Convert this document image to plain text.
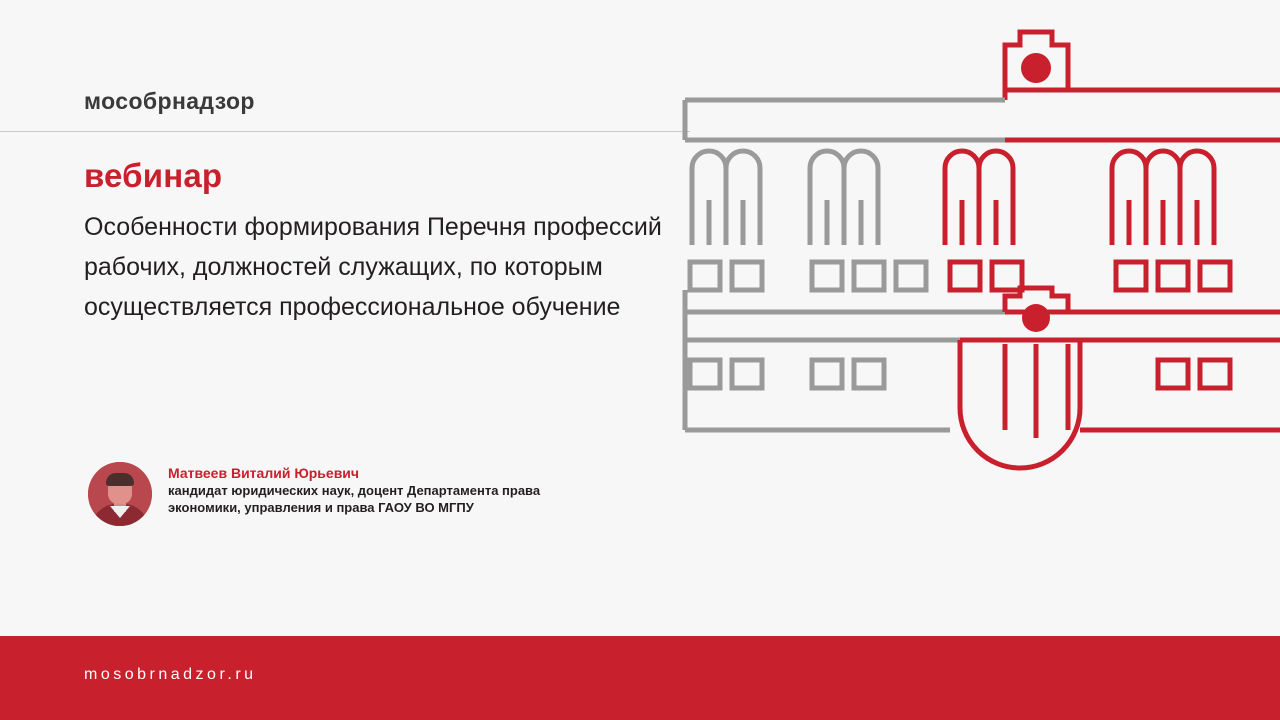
мособрнадзор
вебинар
Особенности формирования Перечня профессий рабочих, должностей служащих, по которым осуществляется профессиональное обучение
Матвеев Виталий Юрьевич
кандидат юридических наук, доцент Департамента права
экономики, управления и права ГАОУ ВО МГПУ
mosobrnadzor.ru
